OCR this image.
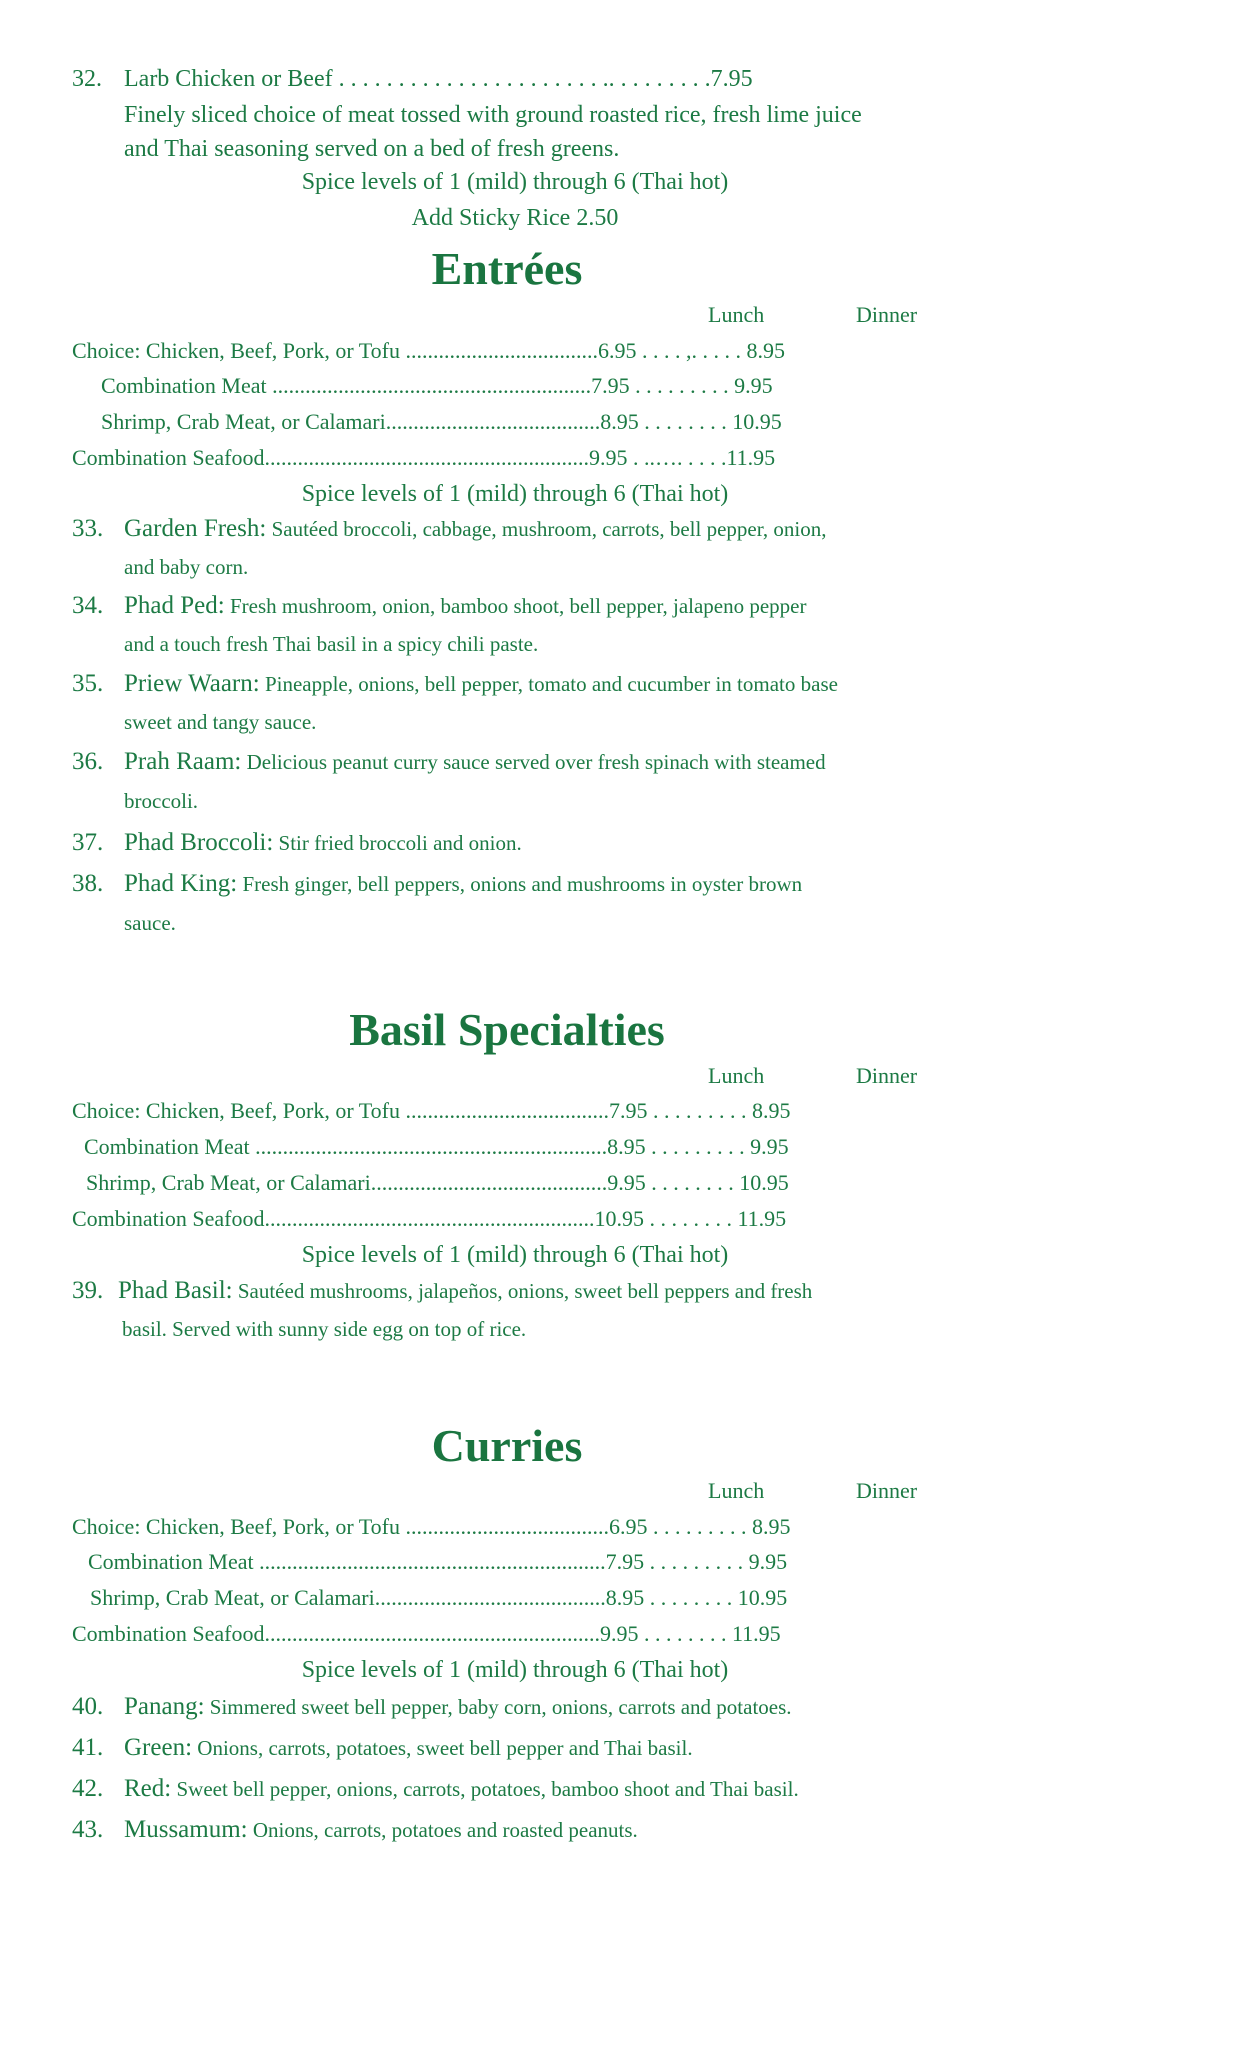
32. Larb Chicken or Beef . . . . . . . . . . . . . . . . . . . . . . .. . . . . . . . .7.95
Finely sliced choice of meat tossed with ground roasted rice, fresh lime juice
and Thai seasoning served on a bed of fresh greens.
Spice levels of 1 (mild) through 6 (Thai hot)
Add Sticky Rice 2.50
Entrées
Lunch	Dinner
Choice: Chicken, Beef, Pork, or Tofu ...................................6.95 . . . . ,. . . . . 8.95
Combination Meat ..........................................................7.95 . . . . . . . . . 9.95
Shrimp, Crab Meat, or Calamari.......................................8.95 . . . . . . . . 10.95
Combination Seafood...........................................................9.95 . ..…. . . . .11.95
Spice levels of 1 (mild) through 6 (Thai hot)
33. Garden Fresh: Sautéed broccoli, cabbage, mushroom, carrots, bell pepper, onion,
and baby corn.
34. Phad Ped: Fresh mushroom, onion, bamboo shoot, bell pepper, jalapeno pepper
and a touch fresh Thai basil in a spicy chili paste.
35. Priew Waarn: Pineapple, onions, bell pepper, tomato and cucumber in tomato base
sweet and tangy sauce.
36. Prah Raam: Delicious peanut curry sauce served over fresh spinach with steamed
broccoli.
37. Phad Broccoli: Stir fried broccoli and onion.
38. Phad King: Fresh ginger, bell peppers, onions and mushrooms in oyster brown
sauce.
Basil Specialties
Lunch	Dinner
Choice: Chicken, Beef, Pork, or Tofu .....................................7.95 . . . . . . . . . 8.95
Combination Meat ................................................................8.95 . . . . . . . . . 9.95
Shrimp, Crab Meat, or Calamari...........................................9.95 . . . . . . . . 10.95
Combination Seafood............................................................10.95 . . . . . . . . 11.95
Spice levels of 1 (mild) through 6 (Thai hot)
39. Phad Basil: Sautéed mushrooms, jalapeños, onions, sweet bell peppers and fresh
basil. Served with sunny side egg on top of rice.
Curries
Lunch	Dinner
Choice: Chicken, Beef, Pork, or Tofu .....................................6.95 . . . . . . . . . 8.95
Combination Meat ...............................................................7.95 . . . . . . . . . 9.95
Shrimp, Crab Meat, or Calamari..........................................8.95 . . . . . . . . 10.95
Combination Seafood.............................................................9.95 . . . . . . . . 11.95
Spice levels of 1 (mild) through 6 (Thai hot)
40. Panang: Simmered sweet bell pepper, baby corn, onions, carrots and potatoes.
41. Green: Onions, carrots, potatoes, sweet bell pepper and Thai basil.
42. Red: Sweet bell pepper, onions, carrots, potatoes, bamboo shoot and Thai basil.
43. Mussamum: Onions, carrots, potatoes and roasted peanuts.
